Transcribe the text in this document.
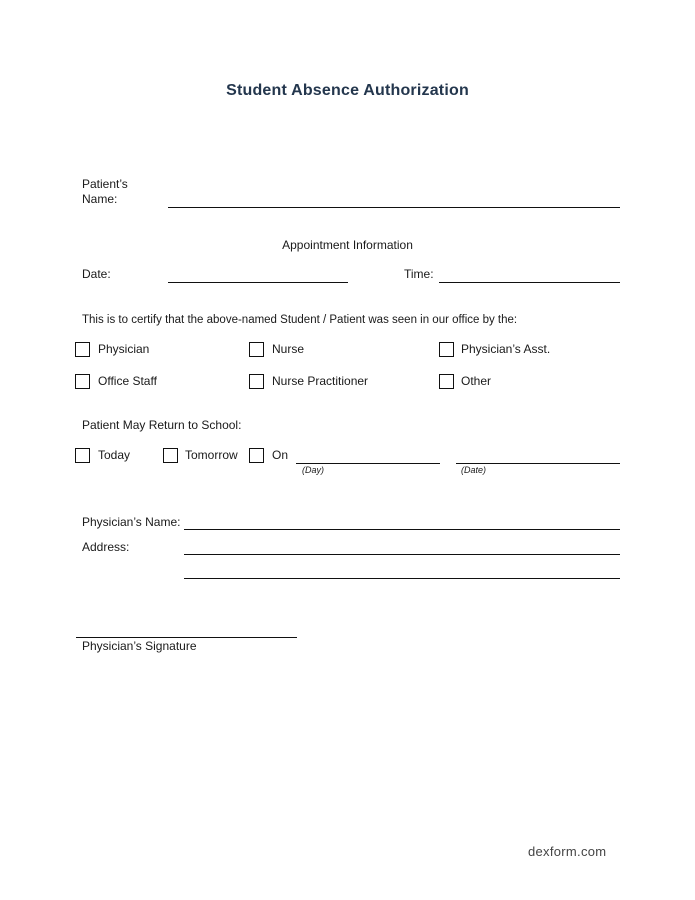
Student Absence Authorization
Patient’s
Name:
Appointment Information
Date:	Time:
This is to certify that the above-named Student / Patient was seen in our office by the:
Physician	Nurse	Physician’s Asst.
Office Staff	Nurse Practitioner	Other
Patient May Return to School:
Today	Tomorrow	On
(Day)	(Date)
Physician’s Name:
Address:
Physician’s Signature
dexform.com
